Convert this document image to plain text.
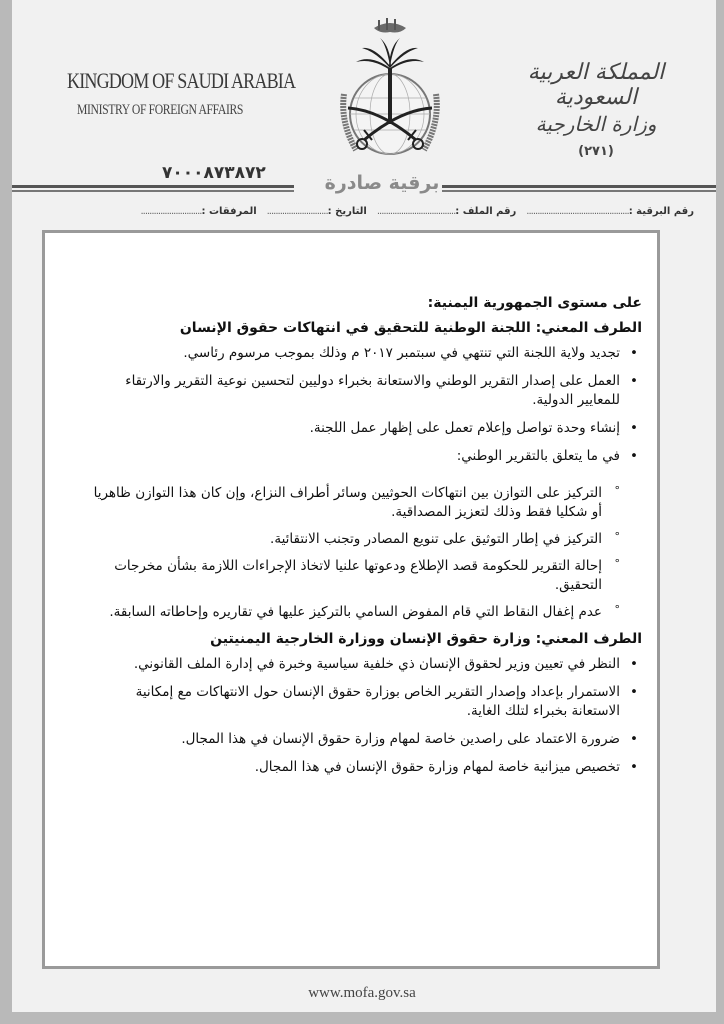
KINGDOM OF SAUDI ARABIA
MINISTRY OF FOREIGN AFFAIRS
٧٠٠٠٨٧٣٨٧٢
المملكة العربية السعودية
وزارة الخارجية
(٢٧١)
برقية صادرة
رقم البرقية :
...............................................
رقم الملف :
....................................
التاريخ :
............................
المرفقات :
............................

على مستوى الجمهورية اليمنية:

الطرف المعني: اللجنة الوطنية للتحقيق في انتهاكات حقوق الإنسان

•
تجديد ولاية اللجنة التي تنتهي في سبتمبر ٢٠١٧ م وذلك بموجب مرسوم رئاسي.
•
العمل على إصدار التقرير الوطني والاستعانة بخبراء دوليين لتحسين نوعية التقرير والارتقاء للمعايير الدولية.
•
إنشاء وحدة تواصل وإعلام تعمل على إظهار عمل اللجنة.
•
في ما يتعلق بالتقرير الوطني:
°
التركيز على التوازن بين انتهاكات الحوثيين وسائر أطراف النزاع، وإن كان هذا التوازن ظاهريا أو شكليا فقط وذلك لتعزيز المصداقية.
°
التركيز في إطار التوثيق على تنويع المصادر وتجنب الانتقائية.
°
إحالة التقرير للحكومة قصد الإطلاع ودعوتها علنيا لاتخاذ الإجراءات اللازمة بشأن مخرجات التحقيق.
°
عدم إغفال النقاط التي قام المفوض السامي بالتركيز عليها في تقاريره وإحاطاته السابقة.

الطرف المعني: وزارة حقوق الإنسان ووزارة الخارجية اليمنيتين

•
النظر في تعيين وزير لحقوق الإنسان ذي خلفية سياسية وخبرة في إدارة الملف القانوني.
•
الاستمرار بإعداد وإصدار التقرير الخاص بوزارة حقوق الإنسان حول الانتهاكات مع إمكانية الاستعانة بخبراء لتلك الغاية.
•
ضرورة الاعتماد على راصدين خاصة لمهام وزارة حقوق الإنسان في هذا المجال.
•
تخصيص ميزانية خاصة لمهام وزارة حقوق الإنسان في هذا المجال.
www.mofa.gov.sa
